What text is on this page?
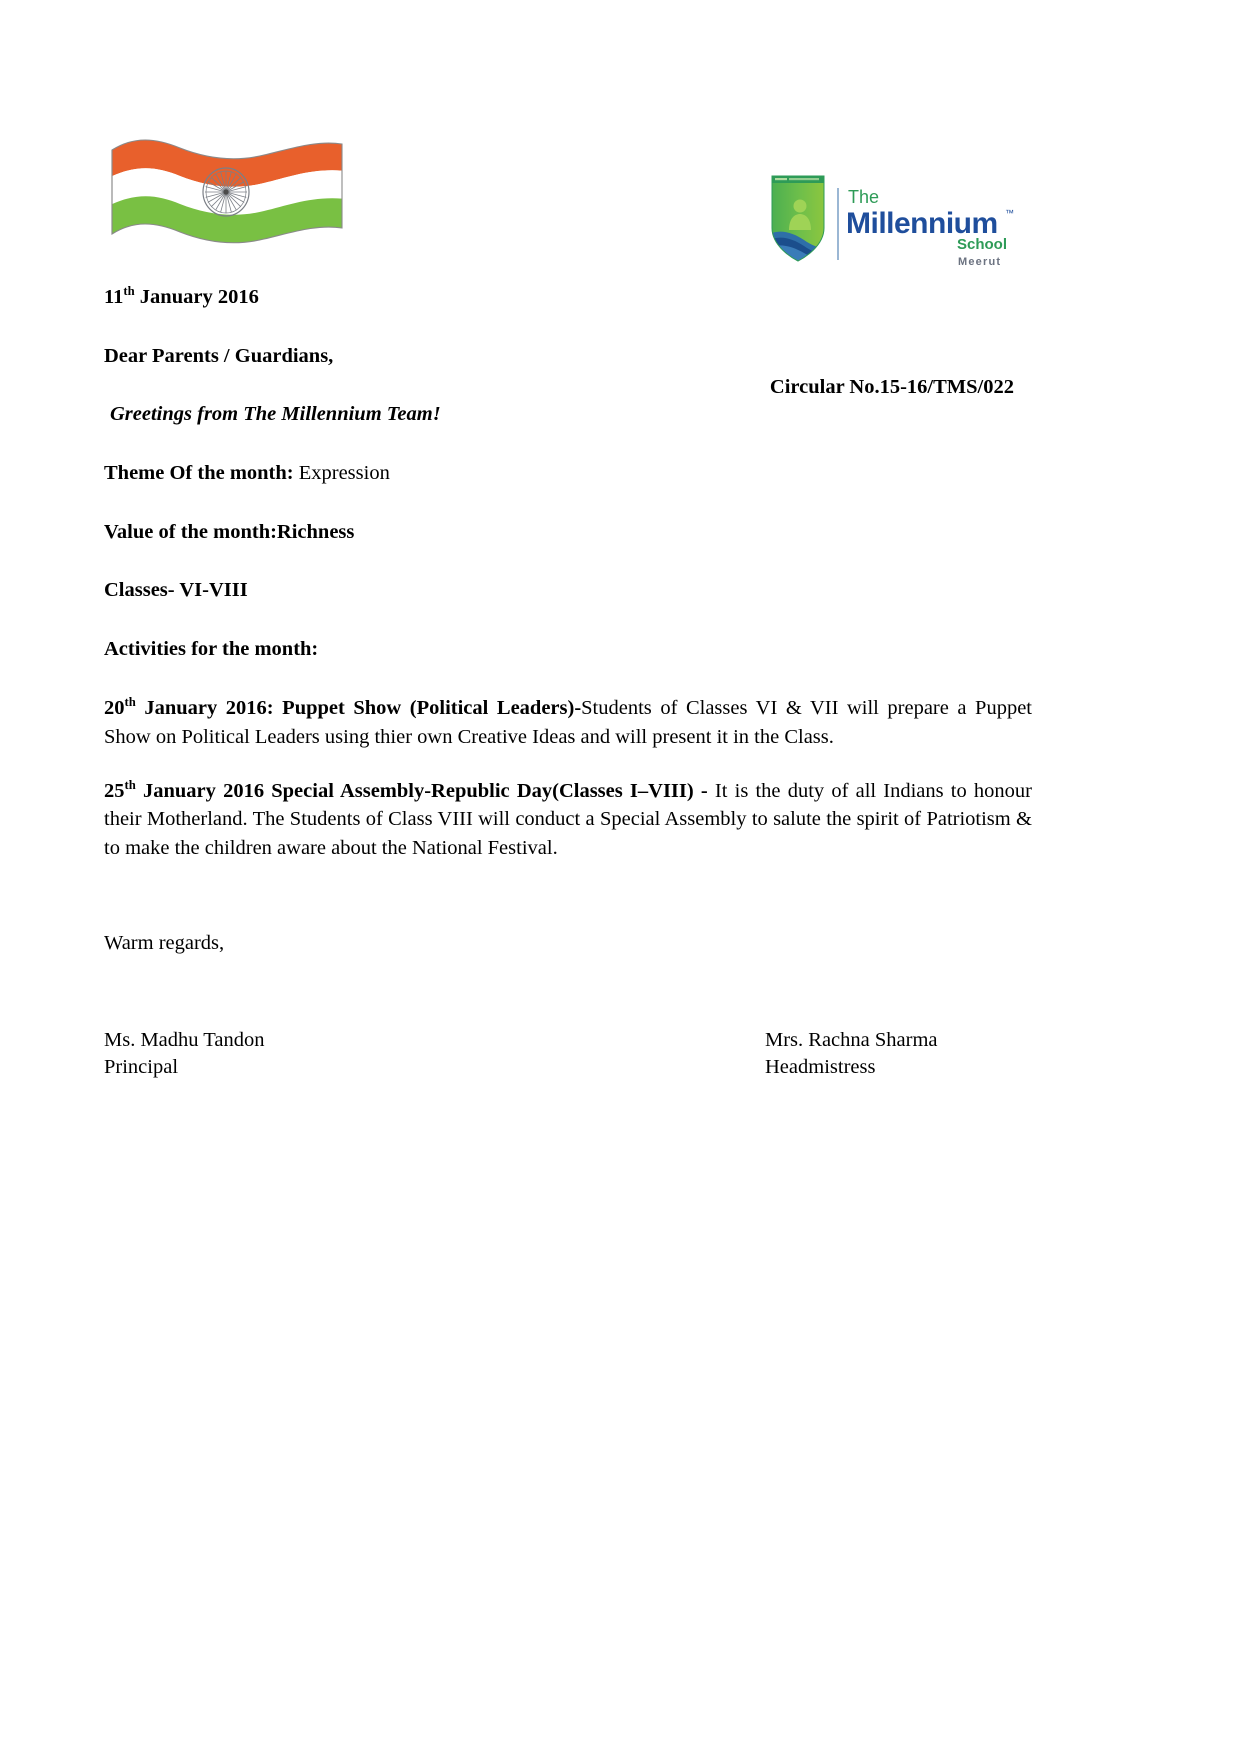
The
Millennium ™
School
Meerut

11th January 2016

Dear Parents / Guardians,

Circular No.15-16/TMS/022

Greetings from The Millennium Team!

Theme Of the month: Expression

Value of the month:Richness

Classes- VI-VIII

Activities for the month:

20th January 2016: Puppet Show (Political Leaders)-Students of Classes VI & VII will prepare a Puppet Show on Political Leaders using thier own Creative Ideas and will present it in the Class.

25th January 2016 Special Assembly-Republic Day(Classes I–VIII) - It is the duty of all Indians to honour their Motherland. The Students of Class VIII will conduct a Special Assembly to salute the spirit of Patriotism & to make the children aware about the National Festival.

Warm regards,

Ms. Madhu Tandon
Principal
Mrs. Rachna Sharma
Headmistress
